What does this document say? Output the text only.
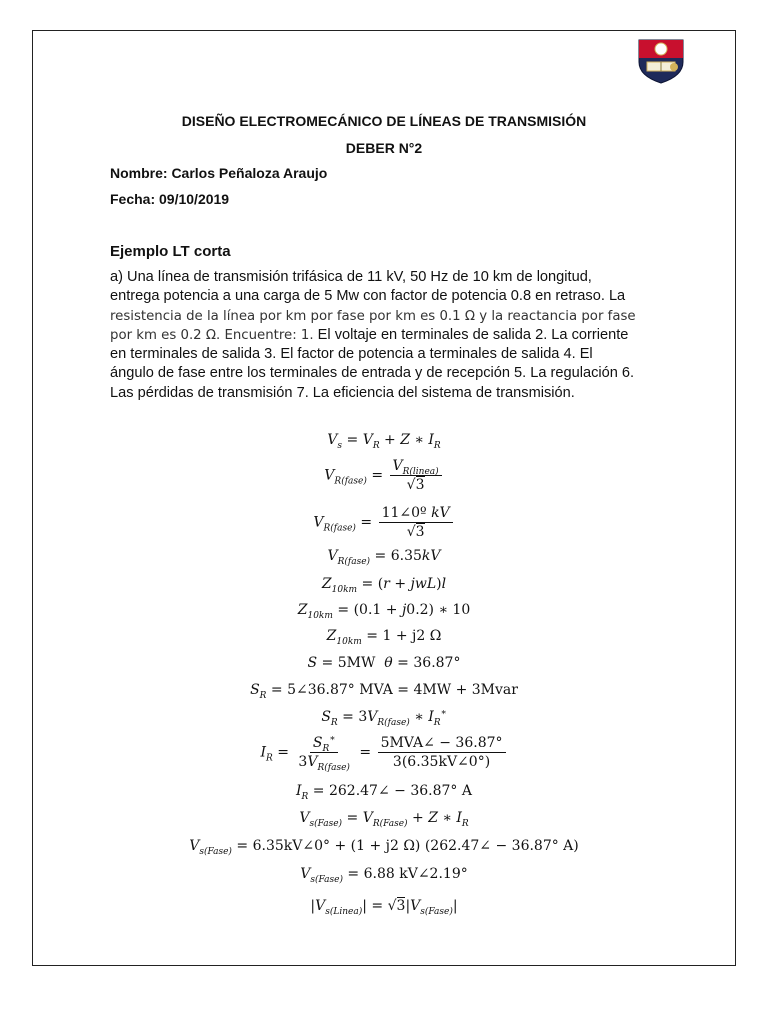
DISEÑO ELECTROMECÁNICO DE LÍNEAS DE TRANSMISIÓN
DEBER N°2
Nombre: Carlos Peñaloza Araujo
Fecha: 09/10/2019
Ejemplo LT corta

a) Una línea de transmisión trifásica de 11 kV, 50 Hz de 10 km de longitud, entrega potencia a una carga de 5 Mw con factor de potencia 0.8 en retraso. La resistencia de la línea por km por fase por km es 0.1 Ω y la reactancia por fase por km es 0.2 Ω. Encuentre: 1. El voltaje en terminales de salida 2. La corriente en terminales de salida 3. El factor de potencia a terminales de salida 4. El ángulo de fase entre los terminales de entrada y de recepción 5. La regulación 6. Las pérdidas de transmisión 7. La eficiencia del sistema de transmisión.

$V_s = V_R + Z$ ∗ $I_R$
$V_{R(fase)} = \frac{V_{R(linea)}}{√3}$
$V_{R(fase)} = \frac{\text{11∠0º kV}}{√3}$
$V_{R(fase)} = 6.35kV$
$Z_{10km} = (r + jwL)l$
$Z_{10km} = (0.1 + j0.2)$ ∗ 10
$Z_{10km} = 1 + j2$ Ω
S = 5MW θ = 36.87°
$S_R$ = 5∠36.87° MVA = 4MW + 3Mvar
$S_R = 3V_{R(fase)}$ ∗ $I_R^∗$
$I_R = \frac{S_R^∗}{3V_{R(fase)}} = \frac{\text{5MVA∠ − 36.87°}}{3(6.35kV\angle 0^\circ)}$
$I_R$ = 262.47∠ − 36.87° A
$V_{s(Fase)} = V_{R(Fase)} + Z$ ∗ $I_R$
$V_{s(Fase)}$ = 6.35kV∠0° + (1 + j2 Ω) (262.47∠ − 36.87° A)
$V_{s(Fase)} = 6.88$ kV∠2.19°
$|V_{s(Linea)}| = √3|V_{s(Fase)}|$
